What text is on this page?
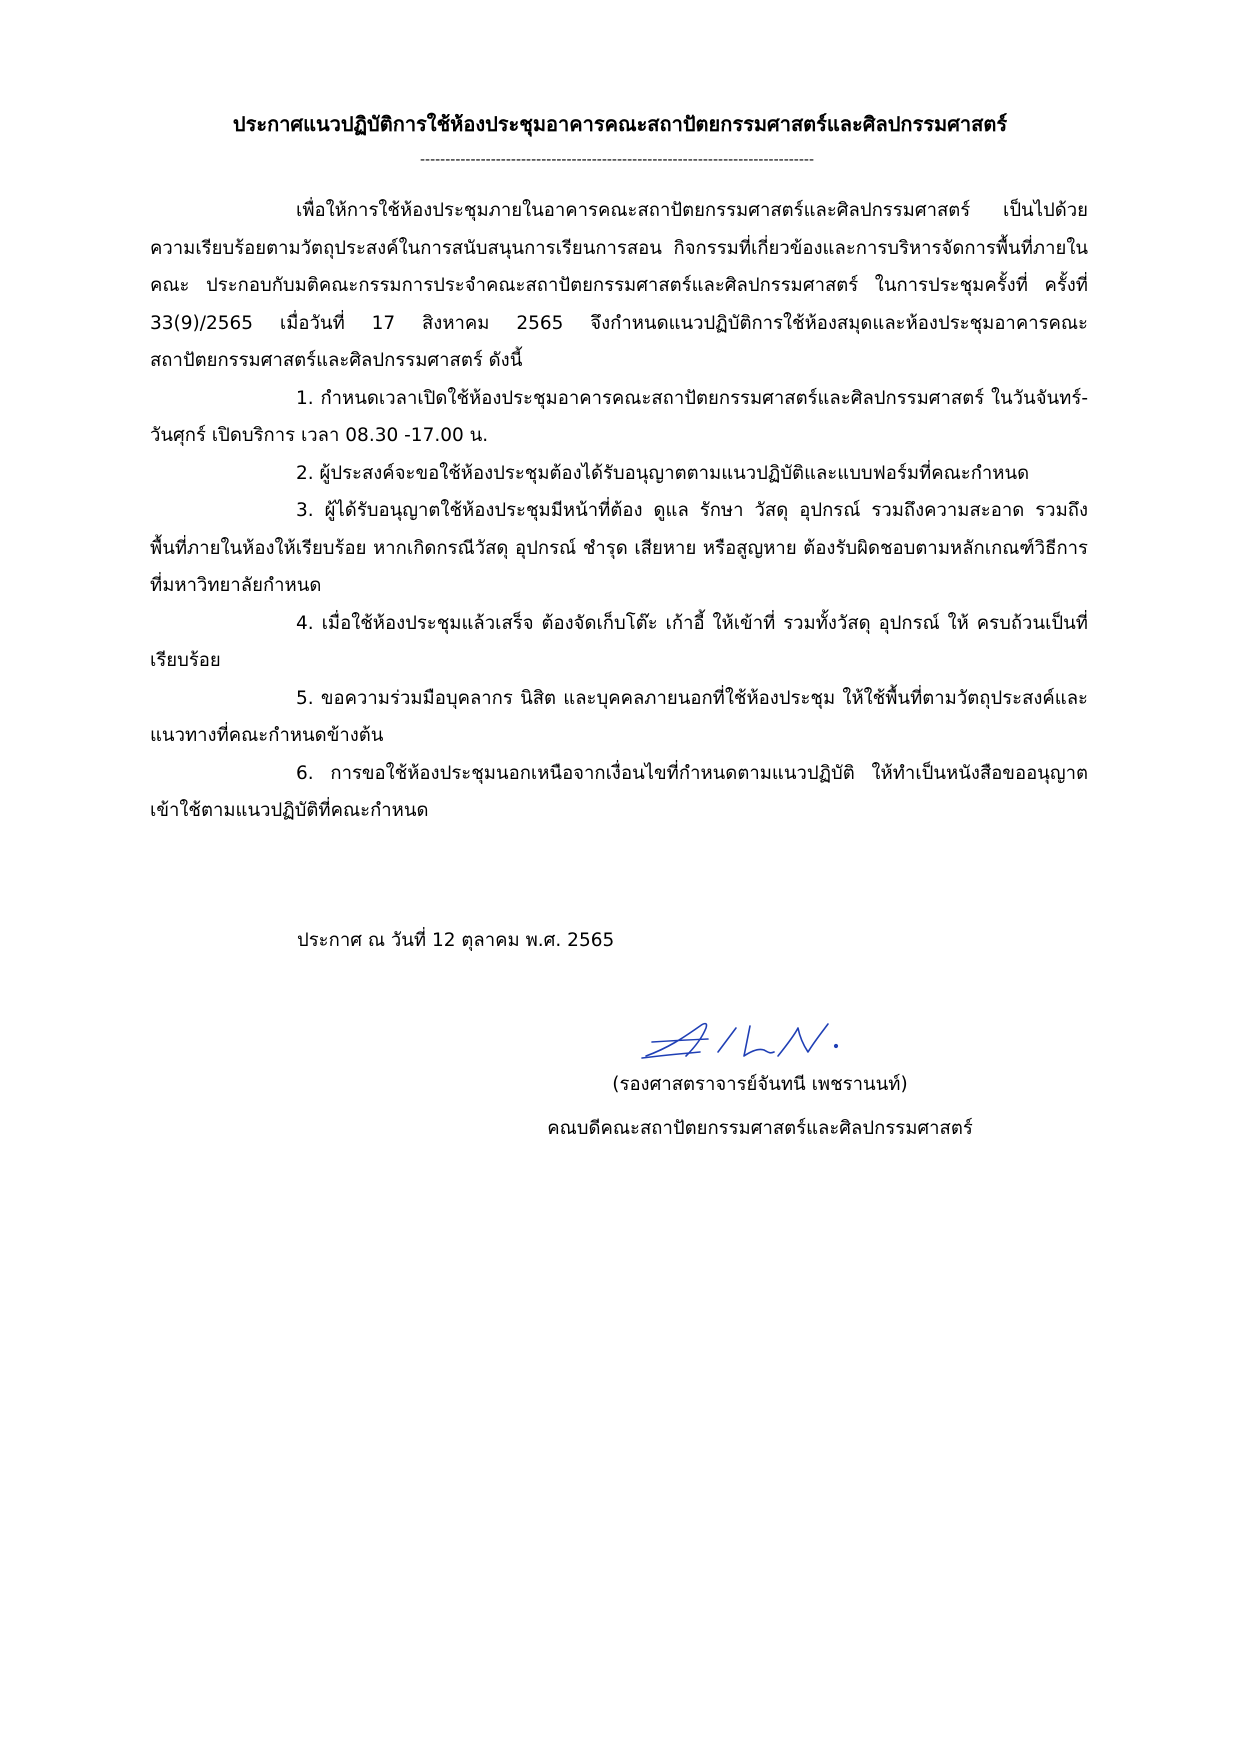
ประกาศแนวปฏิบัติการใช้ห้องประชุมอาคารคณะสถาปัตยกรรมศาสตร์และศิลปกรรมศาสตร์
------------------------------------------------------------------------------

เพื่อให้การใช้ห้องประชุมภายในอาคารคณะสถาปัตยกรรมศาสตร์และศิลปกรรมศาสตร์ เป็นไปด้วยความเรียบร้อยตามวัตถุประสงค์ในการสนับสนุนการเรียนการสอน กิจกรรมที่เกี่ยวข้องและการบริหารจัดการพื้นที่ภายในคณะ ประกอบกับมติคณะกรรมการประจำคณะสถาปัตยกรรมศาสตร์และศิลปกรรมศาสตร์ ในการประชุมครั้งที่ ครั้งที่ 33(9)/2565 เมื่อวันที่ 17 สิงหาคม 2565 จึงกำหนดแนวปฏิบัติการใช้ห้องสมุดและห้องประชุมอาคารคณะสถาปัตยกรรมศาสตร์และศิลปกรรมศาสตร์ ดังนี้

1. กำหนดเวลาเปิดใช้ห้องประชุมอาคารคณะสถาปัตยกรรมศาสตร์และศิลปกรรมศาสตร์ ในวันจันทร์-วันศุกร์ เปิดบริการ เวลา 08.30 -17.00 น.

2. ผู้ประสงค์จะขอใช้ห้องประชุมต้องได้รับอนุญาตตามแนวปฏิบัติและแบบฟอร์มที่คณะกำหนด

3. ผู้ได้รับอนุญาตใช้ห้องประชุมมีหน้าที่ต้อง ดูแล รักษา วัสดุ อุปกรณ์ รวมถึงความสะอาด รวมถึงพื้นที่ภายในห้องให้เรียบร้อย หากเกิดกรณีวัสดุ อุปกรณ์ ชำรุด เสียหาย หรือสูญหาย ต้องรับผิดชอบตามหลักเกณฑ์วิธีการที่มหาวิทยาลัยกำหนด

4. เมื่อใช้ห้องประชุมแล้วเสร็จ ต้องจัดเก็บโต๊ะ เก้าอี้ ให้เข้าที่ รวมทั้งวัสดุ อุปกรณ์ ให้ ครบถ้วนเป็นที่เรียบร้อย

5. ขอความร่วมมือบุคลากร นิสิต และบุคคลภายนอกที่ใช้ห้องประชุม ให้ใช้พื้นที่ตามวัตถุประสงค์และแนวทางที่คณะกำหนดข้างต้น

6. การขอใช้ห้องประชุมนอกเหนือจากเงื่อนไขที่กำหนดตามแนวปฏิบัติ ให้ทำเป็นหนังสือขออนุญาตเข้าใช้ตามแนวปฏิบัติที่คณะกำหนด

ประกาศ ณ วันที่ 12 ตุลาคม พ.ศ. 2565
(รองศาสตราจารย์จันทนี เพชรานนท์)
คณบดีคณะสถาปัตยกรรมศาสตร์และศิลปกรรมศาสตร์
